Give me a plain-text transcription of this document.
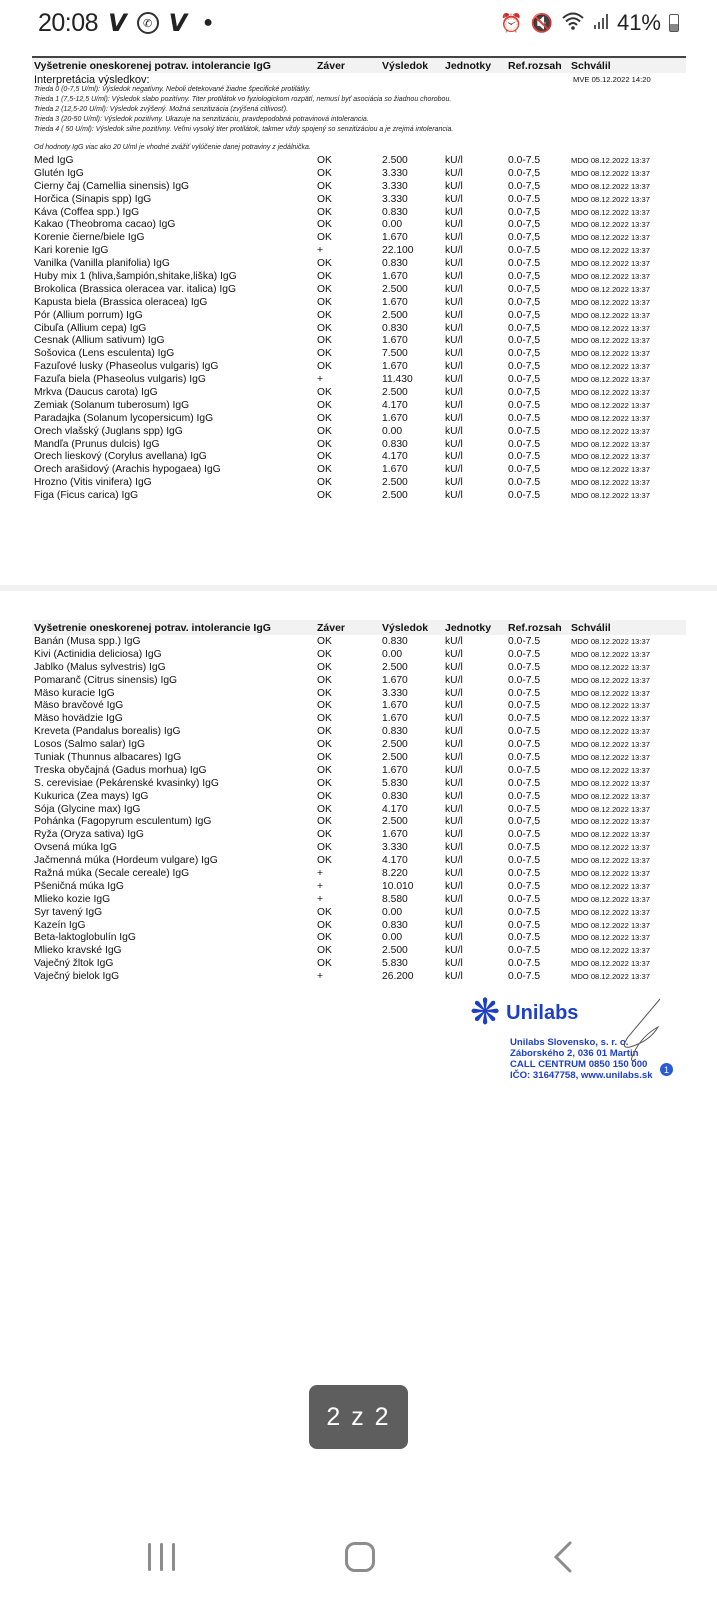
20:08 V	✆ V ●	⏰ 🔇	41%
Vyšetrenie oneskorenej potrav. intolerancie IgG	Záver	Výsledok	Jednotky	Ref.rozsah Schválil
Interpretácia výsledkov:	MVE 05.12.2022 14:20
Trieda 0 (0-7,5 U/ml): Výsledok negatívny. Neboli detekované žiadne špecifické protilátky.
Trieda 1 (7,5-12,5 U/ml): Výsledok slabo pozitívny. Titer protilátok vo fyziologickom rozpätí, nemusí byť asociácia so žiadnou chorobou.
Trieda 2 (12,5-20 U/ml): Výsledok zvýšený. Možná senzitizácia (zvýšená citlivosť).
Trieda 3 (20-50 U/ml): Výsledok pozitívny. Ukazuje na senzitizáciu, pravdepodobná potravinová intolerancia.
Trieda 4 ( 50 U/ml): Výsledok silne pozitívny. Veľmi vysoký titer protilátok, takmer vždy spojený so senzitizáciou a je zrejmá intolerancia.
Od hodnoty IgG viac ako 20 U/ml je vhodné zvážiť vylúčenie danej potraviny z jedálnička.
Med IgG	OK	2.500	kU/l	0.0-7.5	MDO 08.12.2022 13:37
Glutén IgG	OK	3.330	kU/l	0.0-7,5	MDO 08.12.2022 13:37
Čierny čaj (Camellia sinensis) IgG	OK	3.330	kU/l	0.0-7,5	MDO 08.12.2022 13:37
Horčica (Sinapis spp) IgG	OK	3.330	kU/l	0.0-7.5	MDO 08.12.2022 13:37
Káva (Coffea spp.) IgG	OK	0.830	kU/l	0.0-7,5	MDO 08.12.2022 13:37
Kakao (Theobroma cacao) IgG	OK	0.00	kU/l	0.0-7,5	MDO 08.12.2022 13:37
Korenie čierne/biele IgG	OK	1.670	kU/l	0.0-7,5	MDO 08.12.2022 13:37
Kari korenie IgG	+	22.100	kU/l	0.0-7.5	MDO 08.12.2022 13:37
Vanilka (Vanilla planifolia) IgG	OK	0.830	kU/l	0.0-7.5	MDO 08.12.2022 13:37
Huby mix 1 (hliva,šampión,shitake,liška) IgG	OK	1.670	kU/l	0.0-7,5	MDO 08.12.2022 13:37
Brokolica (Brassica oleracea var. italica) IgG	OK	2.500	kU/l	0.0-7,5	MDO 08.12.2022 13:37
Kapusta biela (Brassica oleracea) IgG	OK	1.670	kU/l	0.0-7,5	MDO 08.12.2022 13:37
Pór (Allium porrum) IgG	OK	2.500	kU/l	0.0-7,5	MDO 08.12.2022 13:37
Cibuľa (Allium cepa) IgG	OK	0.830	kU/l	0.0-7,5	MDO 08.12.2022 13:37
Cesnak (Allium sativum) IgG	OK	1.670	kU/l	0.0-7,5	MDO 08.12.2022 13:37
Šošovica (Lens esculenta) IgG	OK	7.500	kU/l	0.0-7,5	MDO 08.12.2022 13:37
Fazuľové lusky (Phaseolus vulgaris) IgG	OK	1.670	kU/l	0.0-7,5	MDO 08.12.2022 13:37
Fazuľa biela (Phaseolus vulgaris) IgG	+	11.430	kU/l	0.0-7,5	MDO 08.12.2022 13:37
Mrkva (Daucus carota) IgG	OK	2.500	kU/l	0.0-7,5	MDO 08.12.2022 13:37
Zemiak (Solanum tuberosum) IgG	OK	4.170	kU/l	0.0-7.5	MDO 08.12.2022 13:37
Paradajka (Solanum lycopersicum) IgG	OK	1.670	kU/l	0.0-7.5	MDO 08.12.2022 13:37
Orech vlašský (Juglans spp) IgG	OK	0.00	kU/l	0.0-7.5	MDO 08.12.2022 13:37
Mandľa (Prunus dulcis) IgG	OK	0.830	kU/l	0.0-7.5	MDO 08.12.2022 13:37
Orech lieskový (Corylus avellana) IgG	OK	4.170	kU/l	0.0-7.5	MDO 08.12.2022 13:37
Orech arašidový (Arachis hypogaea) IgG	OK	1.670	kU/l	0.0-7,5	MDO 08.12.2022 13:37
Hrozno (Vitis vinifera) IgG	OK	2.500	kU/l	0.0-7.5	MDO 08.12.2022 13:37
Figa (Ficus carica) IgG	OK	2.500	kU/l	0.0-7.5	MDO 08.12.2022 13:37
Vyšetrenie oneskorenej potrav. intolerancie IgG	Záver	Výsledok	Jednotky	Ref.rozsah Schválil
Banán (Musa spp.) IgG	OK	0.830	kU/l	0.0-7.5	MDO 08.12.2022 13:37
Kivi (Actinidia deliciosa) IgG	OK	0.00	kU/l	0.0-7.5	MDO 08.12.2022 13:37
Jablko (Malus sylvestris) IgG	OK	2.500	kU/l	0.0-7.5	MDO 08.12.2022 13:37
Pomaranč (Citrus sinensis) IgG	OK	1.670	kU/l	0.0-7.5	MDO 08.12.2022 13:37
Mäso kuracie IgG	OK	3.330	kU/l	0.0-7.5	MDO 08.12.2022 13:37
Mäso bravčové IgG	OK	1.670	kU/l	0.0-7.5	MDO 08.12.2022 13:37
Mäso hovädzie IgG	OK	1.670	kU/l	0.0-7.5	MDO 08.12.2022 13:37
Kreveta (Pandalus borealis) IgG	OK	0.830	kU/l	0.0-7.5	MDO 08.12.2022 13:37
Losos (Salmo salar) IgG	OK	2.500	kU/l	0.0-7.5	MDO 08.12.2022 13:37
Tuniak (Thunnus albacares) IgG	OK	2.500	kU/l	0.0-7.5	MDO 08.12.2022 13:37
Treska obyčajná (Gadus morhua) IgG	OK	1.670	kU/l	0.0-7.5	MDO 08.12.2022 13:37
S. cerevisiae (Pekárenské kvasinky) IgG	OK	5.830	kU/l	0.0-7.5	MDO 08.12.2022 13:37
Kukurica (Zea mays) IgG	OK	0.830	kU/l	0.0-7.5	MDO 08.12.2022 13:37
Sója (Glycine max) IgG	OK	4.170	kU/l	0.0-7.5	MDO 08.12.2022 13:37
Pohánka (Fagopyrum esculentum) IgG	OK	2.500	kU/l	0.0-7,5	MDO 08.12.2022 13:37
Ryža (Oryza sativa) IgG	OK	1.670	kU/l	0.0-7.5	MDO 08.12.2022 13:37
Ovsená múka IgG	OK	3.330	kU/l	0.0-7.5	MDO 08.12.2022 13:37
Jačmenná múka (Hordeum vulgare) IgG	OK	4.170	kU/l	0.0-7.5	MDO 08.12.2022 13:37
Ražná múka (Secale cereale) IgG	+	8.220	kU/l	0.0-7.5	MDO 08.12.2022 13:37
Pšeničná múka IgG	+	10.010	kU/l	0.0-7.5	MDO 08.12.2022 13:37
Mlieko kozie IgG	+	8.580	kU/l	0.0-7.5	MDO 08.12.2022 13:37
Syr tavený IgG	OK	0.00	kU/l	0.0-7.5	MDO 08.12.2022 13:37
Kazeín IgG	OK	0.830	kU/l	0.0-7.5	MDO 08.12.2022 13:37
Beta-laktoglobulín IgG	OK	0.00	kU/l	0.0-7.5	MDO 08.12.2022 13:37
Mlieko kravské IgG	OK	2.500	kU/l	0.0-7.5	MDO 08.12.2022 13:37
Vaječný žĺtok IgG	OK	5.830	kU/l	0.0-7.5	MDO 08.12.2022 13:37
Vaječný bielok IgG	+	26.200	kU/l	0.0-7.5	MDO 08.12.2022 13:37
❋ Unilabs
Unilabs Slovensko, s. r. o.
Záborského 2, 036 01 Martin
CALL CENTRUM 0850 150 000
IČO: 31647758, www.unilabs.sk
1
2 z 2
